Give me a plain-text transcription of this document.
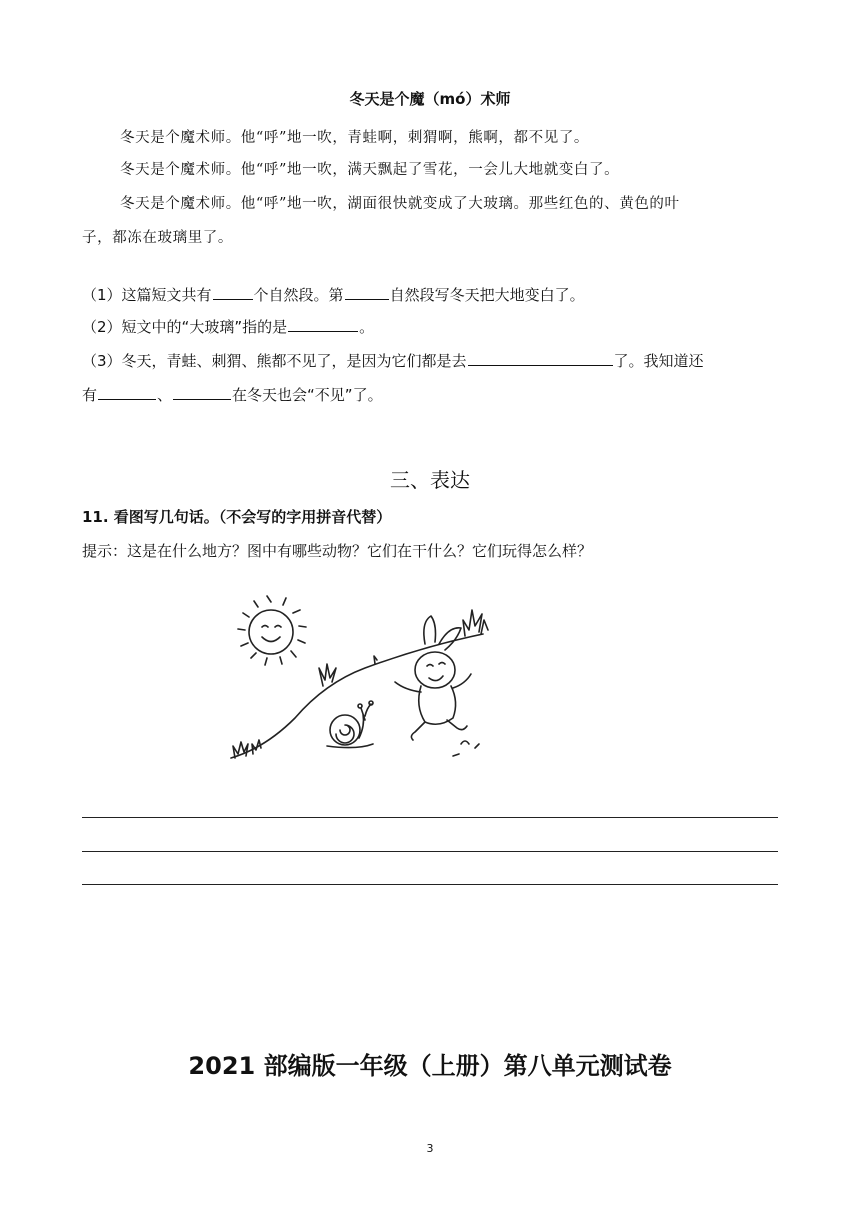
冬天是个魔（mó）术师
冬天是个魔术师。他“呼”地一吹，青蛙啊，刺猬啊，熊啊，都不见了。
冬天是个魔术师。他“呼”地一吹，满天飘起了雪花，一会儿大地就变白了。
冬天是个魔术师。他“呼”地一吹，湖面很快就变成了大玻璃。那些红色的、黄色的叶
子，都冻在玻璃里了。
（1）这篇短文共有	个自然段。第	自然段写冬天把大地变白了。
（2）短文中的“大玻璃”指的是	。
（3）冬天，青蛙、刺猬、熊都不见了，是因为它们都是去	了。我知道还
有	、	在冬天也会“不见”了。
三、表达
11. 看图写几句话。（不会写的字用拼音代替）
提示：这是在什么地方？图中有哪些动物？它们在干什么？它们玩得怎么样？
2021 部编版一年级（上册）第八单元测试卷
3
